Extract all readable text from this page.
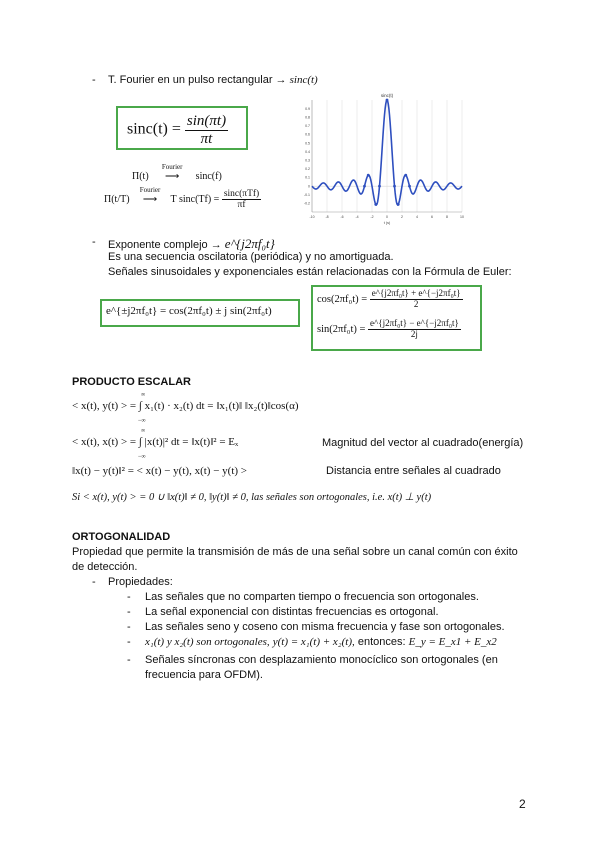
- T. Fourier en un pulso rectangular → sinc(t)
$\sin c(t) = \frac{\sin(\pi t)}{\pi t}$
Π(t)
Fourier
⟶ sinc(f)
Π(t/T)
Fourier
⟶ T $\sin c(Tf) = \frac{\text{sinc(πTf)}}{\pi f}$
-10	-8	-6	-4	-2	0	2	4	6	8	10
0.9
0.8
0.7
0.6
0.5
0.4
0.3
0.2
0.1
0
-0.1
-0.2
sinc(t)
t (s)
- Exponente complejo → e^{j2πf₀t}
Es una secuencia oscilatoria (periódica) y no amortiguada.
Señales sinusoidales y exponenciales están relacionadas con la Fórmula de Euler:
e^{±j2πf₀t} = cos(2πf₀t) ± j sin(2πf₀t)
$\cos(2\pi f_0t) = \frac{\text{e\textasciicircum{}\{j2πf₀t\} + e\textasciicircum{}\{−j2πf₀t\}}}{2}$
$\sin(2\pi f_0t) = \frac{\text{e\textasciicircum{}\{j2πf₀t\} − e\textasciicircum{}\{−j2πf₀t\}}}{2j}$
PRODUCTO ESCALAR
< x(t), y(t) > = ∫ x₁(t) · x₂(t) dt = ‖x₁(t)‖ ‖x₂(t)‖cos(α)
∞
−∞
< x(t), x(t) > = ∫ |x(t)|² dt = ‖x(t)‖² = Eₓ
∞
−∞
Magnitud del vector al cuadrado(energía)
‖x(t) − y(t)‖² = < x(t) − y(t), x(t) − y(t) >	Distancia entre señales al cuadrado
Si < x(t), y(t) > = 0 ∪ ‖x(t)‖ ≠ 0, ‖y(t)‖ ≠ 0, las señales son ortogonales, i.e. x(t) ⊥ y(t)
ORTOGONALIDAD
Propiedad que permite la transmisión de más de una señal sobre un canal común con éxito
de detección.
- Propiedades:
- Las señales que no comparten tiempo o frecuencia son ortogonales.
- La señal exponencial con distintas frecuencias es ortogonal.
- Las señales seno y coseno con misma frecuencia y fase son ortogonales.
- x₁(t) y x₂(t) son ortogonales, y(t) = x₁(t) + x₂(t), entonces: E_y = E_x1 + E_x2
- Señales síncronas con desplazamiento monocíclico son ortogonales (en
frecuencia para OFDM).
2
